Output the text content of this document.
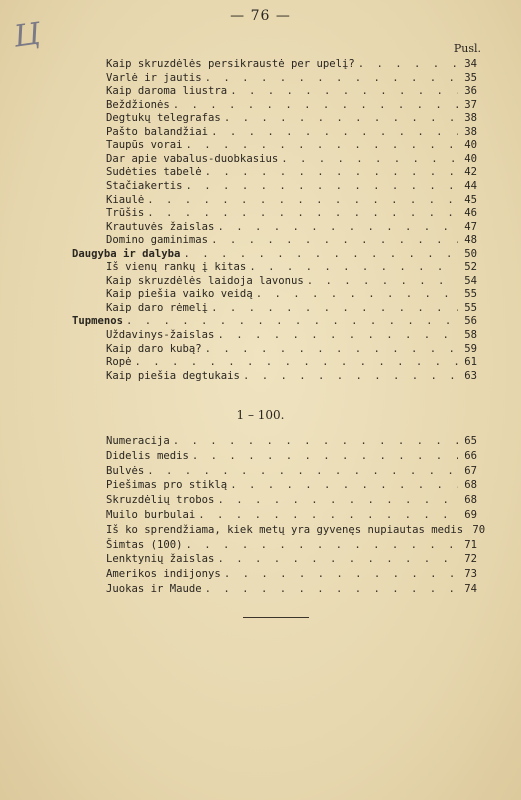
— 76 —
Ц	Pusl.
Kaip skruzdėlės persikraustė per upelį? . . .	34
Varlė ir jautis . . .	35
Kaip daroma liustra . . .	36
Beždžionės . . .	37
Degtukų telegrafas . . .	38
Pašto balandžiai . . .	38
Taupūs vorai . . .	40
Dar apie vabalus-duobkasius . . .	40
Sudėties tabelė . . .	42
Stačiakertis . . .	44
Kiaulė . . .	45
Trūšis . . .	46
Krautuvės žaislas . . .	47
Domino gaminimas . . .	48
Daugyba ir dalyba . . .	50
Iš vienų rankų į kitas . . .	52
Kaip skruzdėlės laidoja lavonus . . .	54
Kaip piešia vaiko veidą . . .	55
Kaip daro rėmelį . . .	55
Tupmenos . . .	56
Uždavinys-žaislas . . .	58
Kaip daro kubą? . . .	59
Ropė . . .	61
Kaip piešia degtukais . . .	63
1 – 100.
Numeracija . . .	65
Didelis medis . . .	66
Bulvės . . .	67
Piešimas pro stiklą . . .	68
Skruzdėlių trobos . . .	68
Muilo burbulai . . .	69
Iš ko sprendžiama, kiek metų yra gyvenęs nupiautas medis 70
Šimtas (100) . . .	71
Lenktynių žaislas . . .	72
Amerikos indijonys . . .	73
Juokas ir Maude . . .	74
